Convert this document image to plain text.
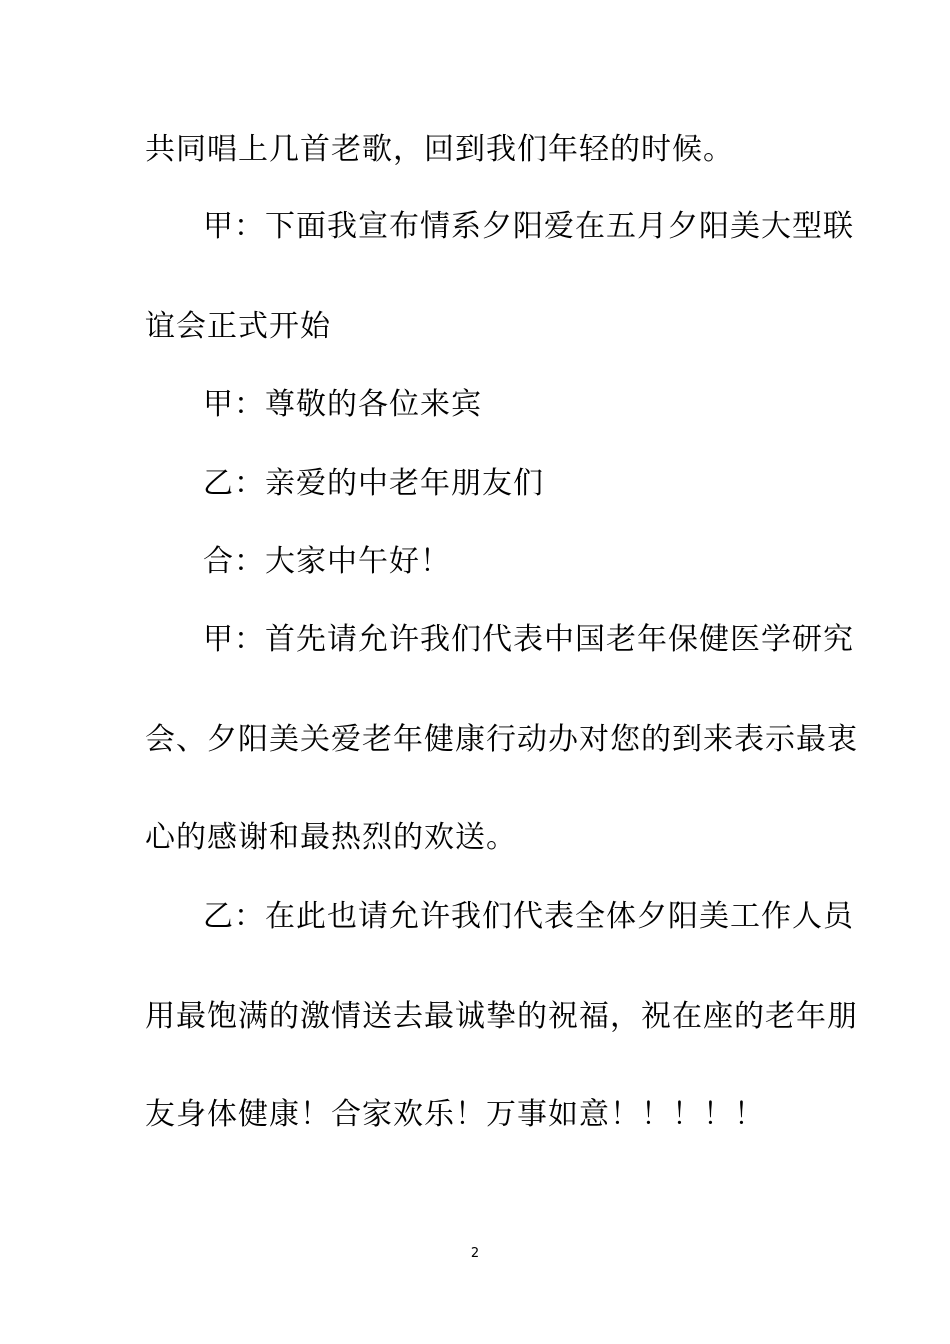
共同唱上几首老歌，回到我们年轻的时候。
甲：下面我宣布情系夕阳爱在五月夕阳美大型联
谊会正式开始
甲：尊敬的各位来宾
乙：亲爱的中老年朋友们
合：大家中午好！
甲：首先请允许我们代表中国老年保健医学研究
会、夕阳美关爱老年健康行动办对您的到来表示最衷
心的感谢和最热烈的欢送。
乙：在此也请允许我们代表全体夕阳美工作人员
用最饱满的激情送去最诚挚的祝福，祝在座的老年朋
友身体健康！合家欢乐！万事如意！！！！！
2
